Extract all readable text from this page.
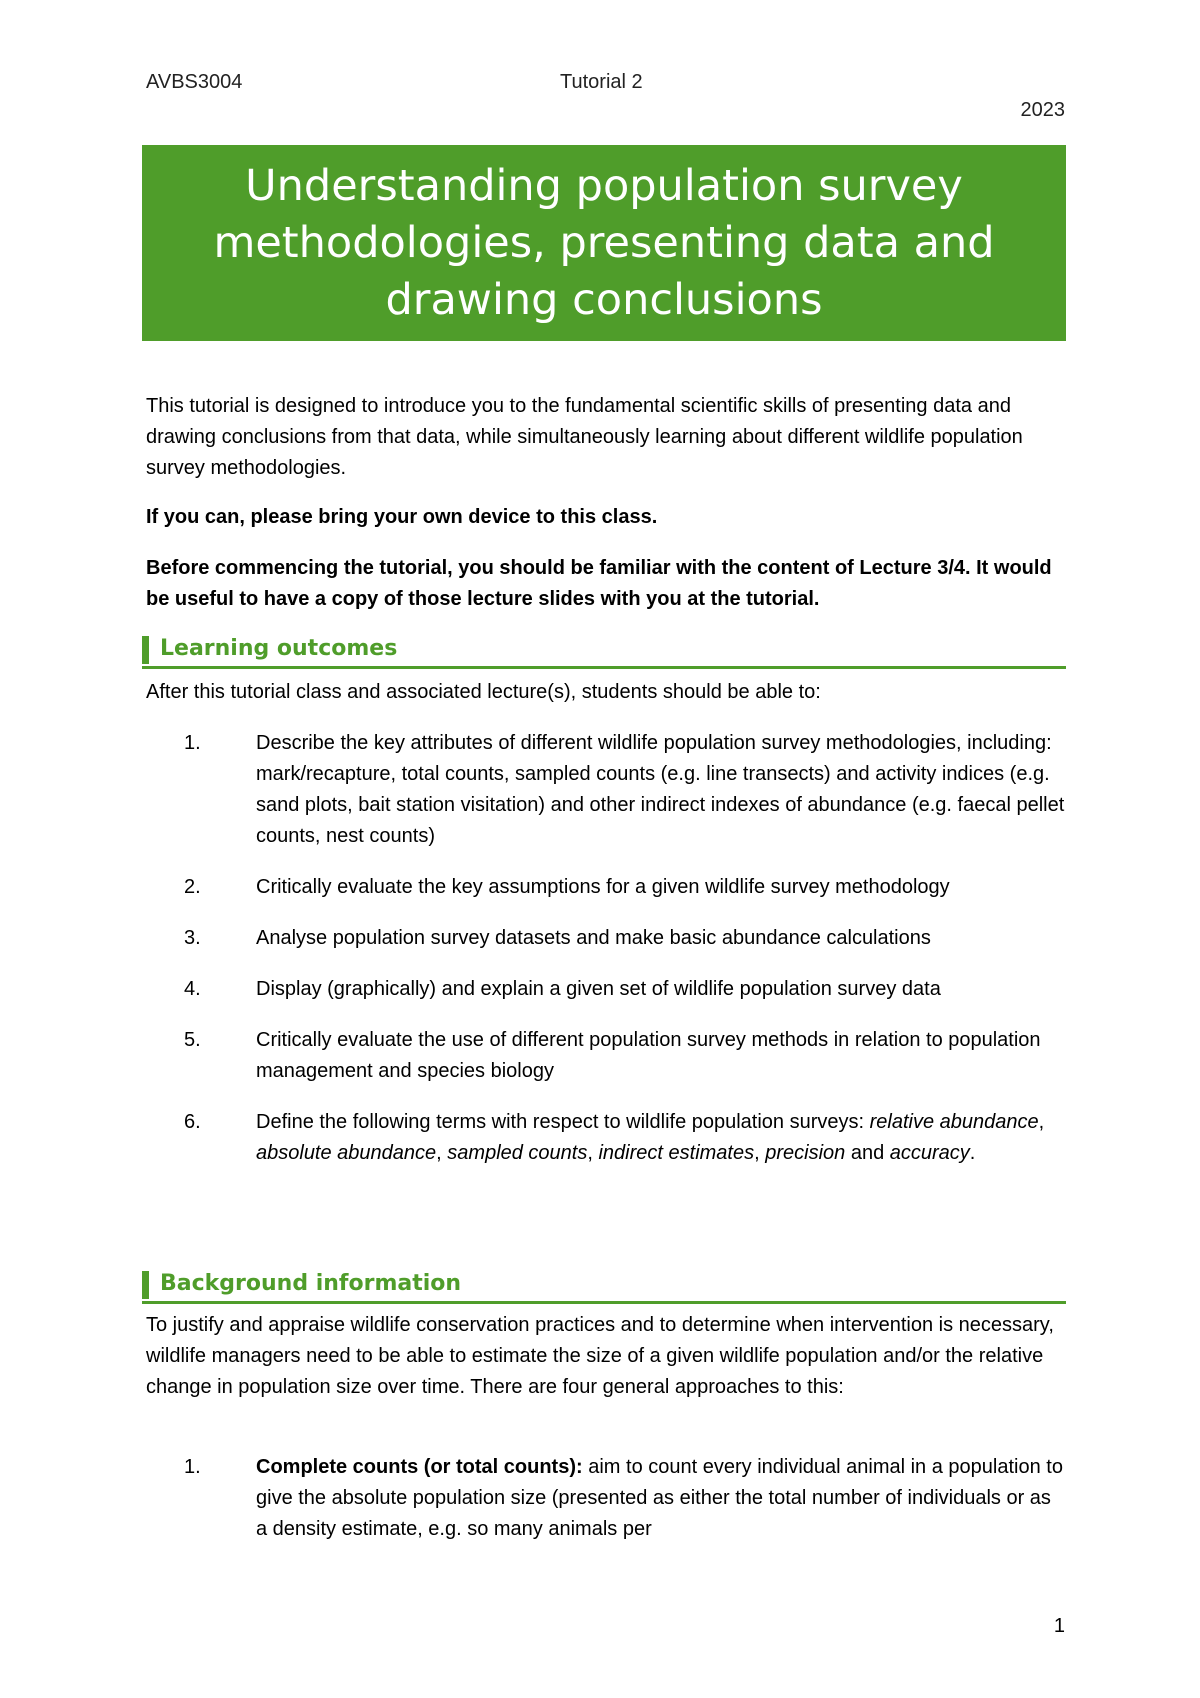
AVBS3004	Tutorial 2
2023
Understanding population survey methodologies, presenting data and drawing conclusions
This tutorial is designed to introduce you to the fundamental scientific skills of presenting data and drawing conclusions from that data, while simultaneously learning about different wildlife population survey methodologies.
If you can, please bring your own device to this class.
Before commencing the tutorial, you should be familiar with the content of Lecture 3/4. It would be useful to have a copy of those lecture slides with you at the tutorial.
Learning outcomes
After this tutorial class and associated lecture(s), students should be able to:
1.	Describe the key attributes of different wildlife population survey methodologies, including: mark/recapture, total counts, sampled counts (e.g. line transects) and activity indices (e.g. sand plots, bait station visitation) and other indirect indexes of abundance (e.g. faecal pellet counts, nest counts)
2.	Critically evaluate the key assumptions for a given wildlife survey methodology
3.	Analyse population survey datasets and make basic abundance calculations
4.	Display (graphically) and explain a given set of wildlife population survey data
5.	Critically evaluate the use of different population survey methods in relation to population management and species biology
6.	Define the following terms with respect to wildlife population surveys: relative abundance, absolute abundance, sampled counts, indirect estimates, precision and accuracy.
Background information
To justify and appraise wildlife conservation practices and to determine when intervention is necessary, wildlife managers need to be able to estimate the size of a given wildlife population and/or the relative change in population size over time. There are four general approaches to this:
1.	Complete counts (or total counts): aim to count every individual animal in a population to give the absolute population size (presented as either the total number of individuals or as a density estimate, e.g. so many animals per
1
